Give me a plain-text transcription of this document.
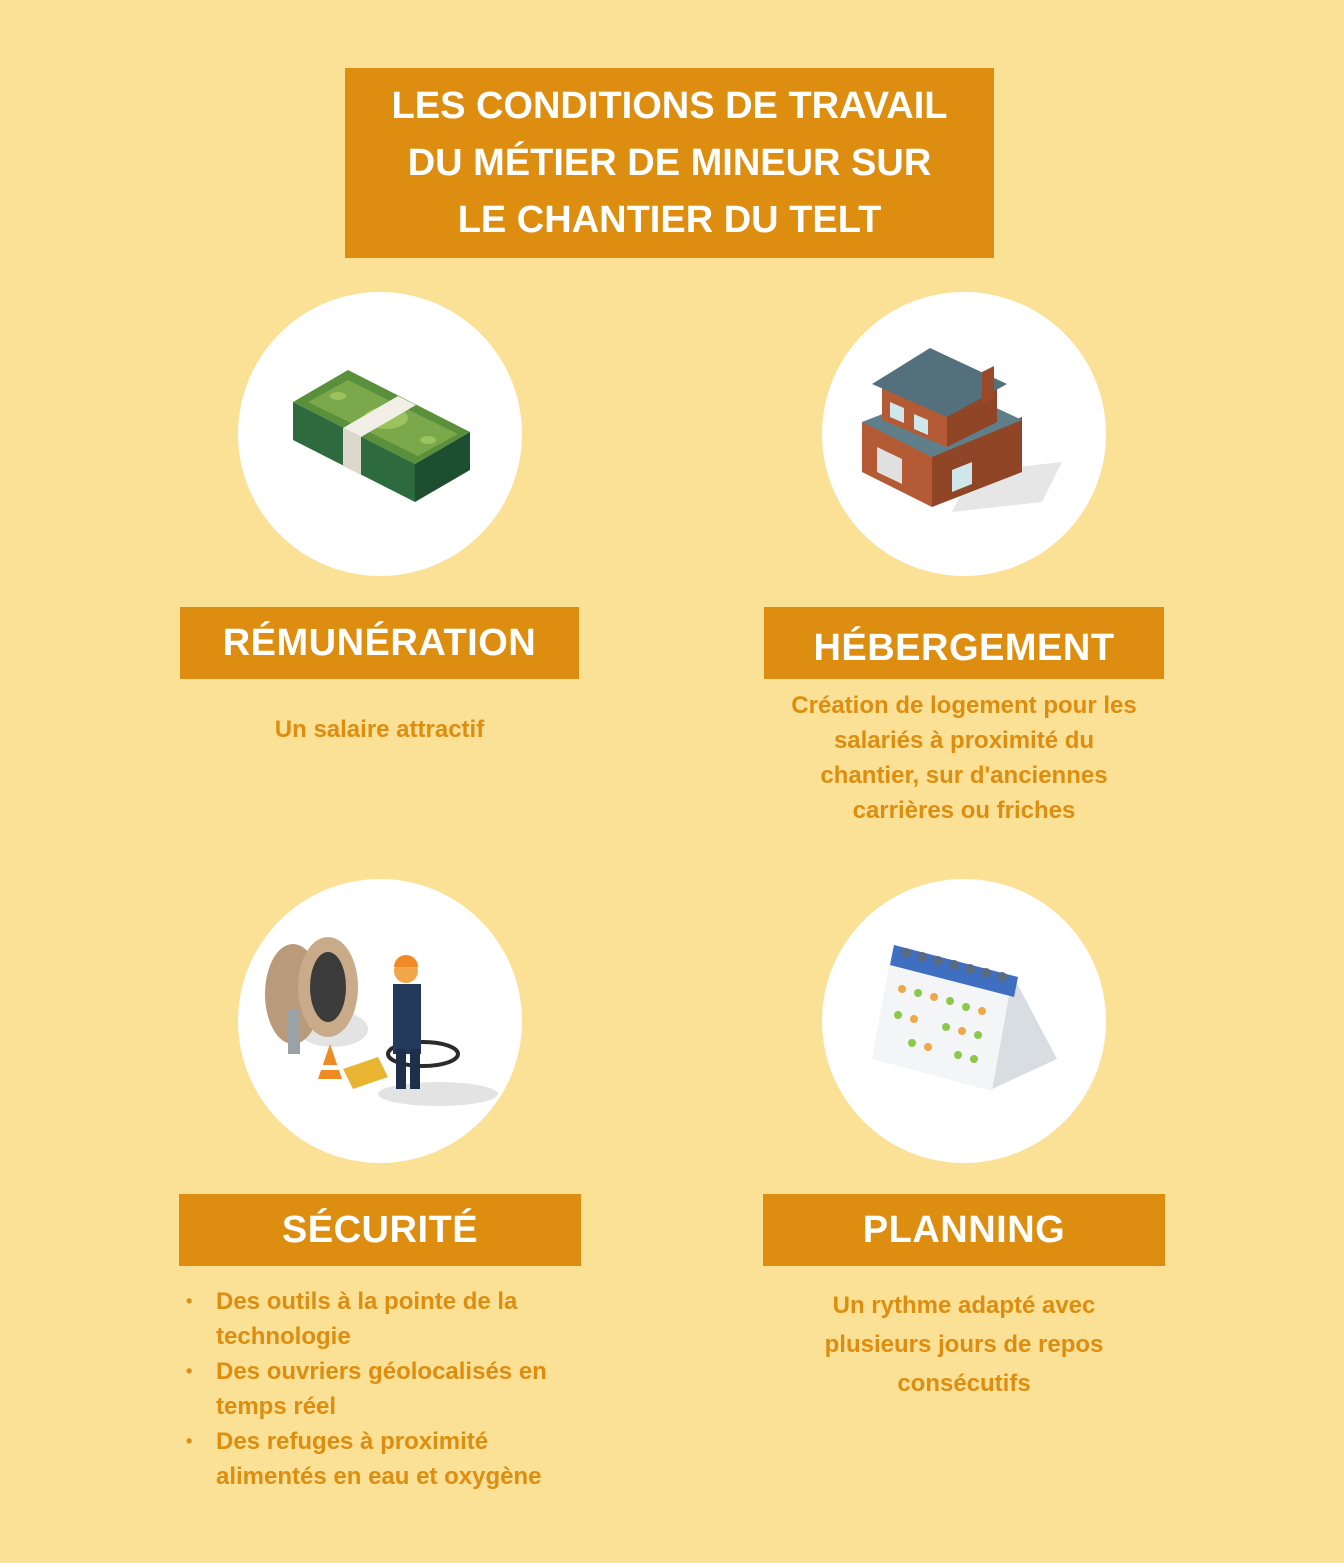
LES CONDITIONS DE TRAVAIL
DU MÉTIER DE MINEUR SUR
LE CHANTIER DU TELT
RÉMUNÉRATION
Un salaire attractif
HÉBERGEMENT
Création de logement pour les
salariés à proximité du
chantier, sur d'anciennes
carrières ou friches
SÉCURITÉ
• Des outils à la pointe de la
technologie
• Des ouvriers géolocalisés en
temps réel
• Des refuges à proximité
alimentés en eau et oxygène
PLANNING
Un rythme adapté avec
plusieurs jours de repos
consécutifs
